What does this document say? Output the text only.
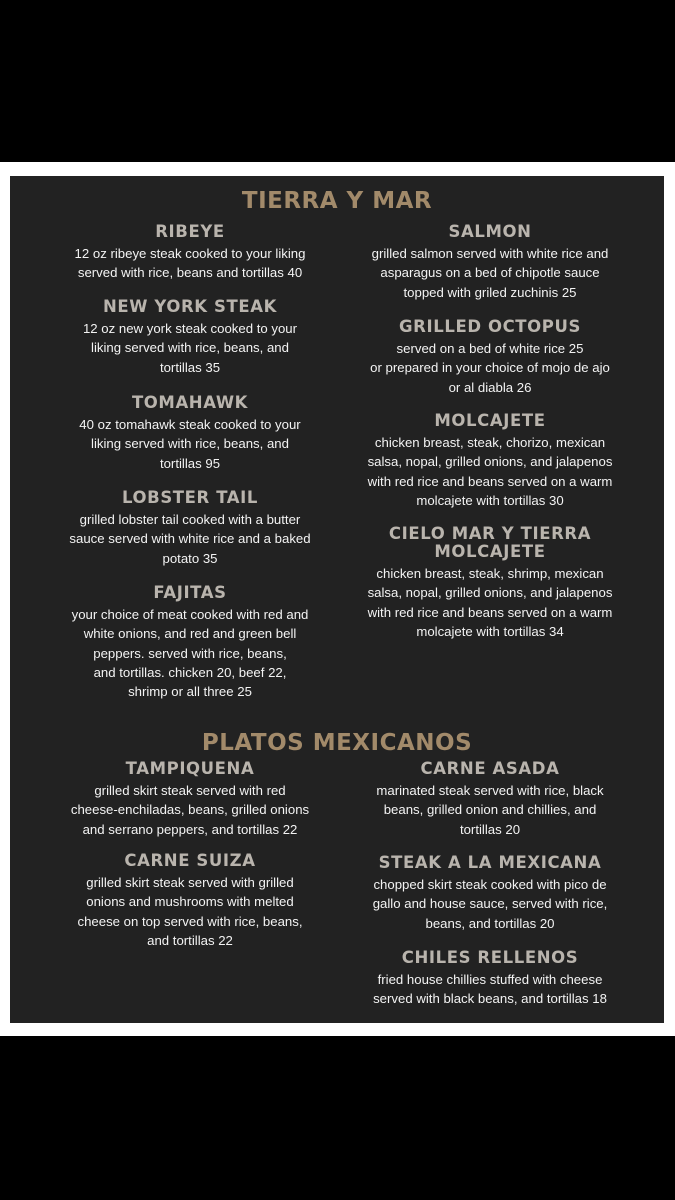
TIERRA Y MAR
RIBEYE
12 oz ribeye steak cooked to your liking
served with rice, beans and tortillas 40
NEW YORK STEAK
12 oz new york steak cooked to your
liking served with rice, beans, and
tortillas 35
TOMAHAWK
40 oz tomahawk steak cooked to your
liking served with rice, beans, and
tortillas 95
LOBSTER TAIL
grilled lobster tail cooked with a butter
sauce served with white rice and a baked
potato 35
FAJITAS
your choice of meat cooked with red and
white onions, and red and green bell
peppers. served with rice, beans,
and tortillas. chicken 20, beef 22,
shrimp or all three 25
SALMON
grilled salmon served with white rice and
asparagus on a bed of chipotle sauce
topped with griled zuchinis 25
GRILLED OCTOPUS
served on a bed of white rice 25
or prepared in your choice of mojo de ajo
or al diabla 26
MOLCAJETE
chicken breast, steak, chorizo, mexican
salsa, nopal, grilled onions, and jalapenos
with red rice and beans served on a warm
molcajete with tortillas 30
CIELO MAR Y TIERRA
MOLCAJETE
chicken breast, steak, shrimp, mexican
salsa, nopal, grilled onions, and jalapenos
with red rice and beans served on a warm
molcajete with tortillas 34
PLATOS MEXICANOS
TAMPIQUENA
grilled skirt steak served with red
cheese-enchiladas, beans, grilled onions
and serrano peppers, and tortillas 22
CARNE SUIZA
grilled skirt steak served with grilled
onions and mushrooms with melted
cheese on top served with rice, beans,
and tortillas 22
CARNE ASADA
marinated steak served with rice, black
beans, grilled onion and chillies, and
tortillas 20
STEAK A LA MEXICANA
chopped skirt steak cooked with pico de
gallo and house sauce, served with rice,
beans, and tortillas 20
CHILES RELLENOS
fried house chillies stuffed with cheese
served with black beans, and tortillas 18
